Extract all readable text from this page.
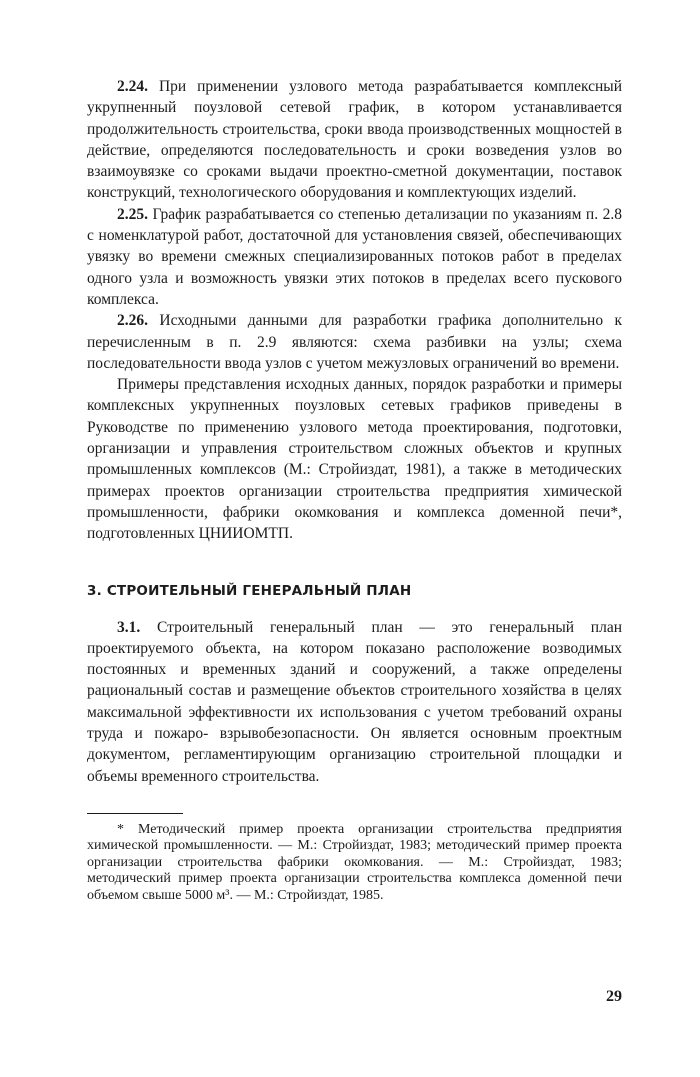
2.24. При применении узлового метода разрабатывается комплексный укрупненный поузловой сетевой график, в котором устанавливается продолжительность строительства, сроки ввода производственных мощностей в действие, определяются последовательность и сроки возведения узлов во взаимоувязке со сроками выдачи проектно-сметной документации, поставок конструкций, технологического оборудования и комплектующих изделий.

2.25. График разрабатывается со степенью детализации по указаниям п. 2.8 с номенклатурой работ, достаточной для установления связей, обеспечивающих увязку во времени смежных специализированных потоков работ в пределах одного узла и возможность увязки этих потоков в пределах всего пускового комплекса.

2.26. Исходными данными для разработки графика дополнительно к перечисленным в п. 2.9 являются: схема разбивки на узлы; схема последовательности ввода узлов с учетом межузловых ограничений во времени.

Примеры представления исходных данных, порядок разработки и примеры комплексных укрупненных поузловых сетевых графиков приведены в Руководстве по применению узлового метода проектирования, подготовки, организации и управления строительством сложных объектов и крупных промышленных комплексов (М.: Стройиздат, 1981), а также в методических примерах проектов организации строительства предприятия химической промышленности, фабрики окомкования и комплекса доменной печи*, подготовленных ЦНИИОМТП.

3. СТРОИТЕЛЬНЫЙ ГЕНЕРАЛЬНЫЙ ПЛАН

3.1. Строительный генеральный план — это генеральный план проектируемого объекта, на котором показано расположение возводимых постоянных и временных зданий и сооружений, а также определены рациональный состав и размещение объектов строительного хозяйства в целях максимальной эффективности их использования с учетом требований охраны труда и пожаро- взрывобезопасности. Он является основным проектным документом, регламентирующим организацию строительной площадки и объемы временного строительства.

* Методический пример проекта организации строительства предприятия химической промышленности. — М.: Стройиздат, 1983; методический пример проекта организации строительства фабрики окомкования. — М.: Стройиздат, 1983; методический пример проекта организации строительства комплекса доменной печи объемом свыше 5000 м³. — М.: Стройиздат, 1985.

29
